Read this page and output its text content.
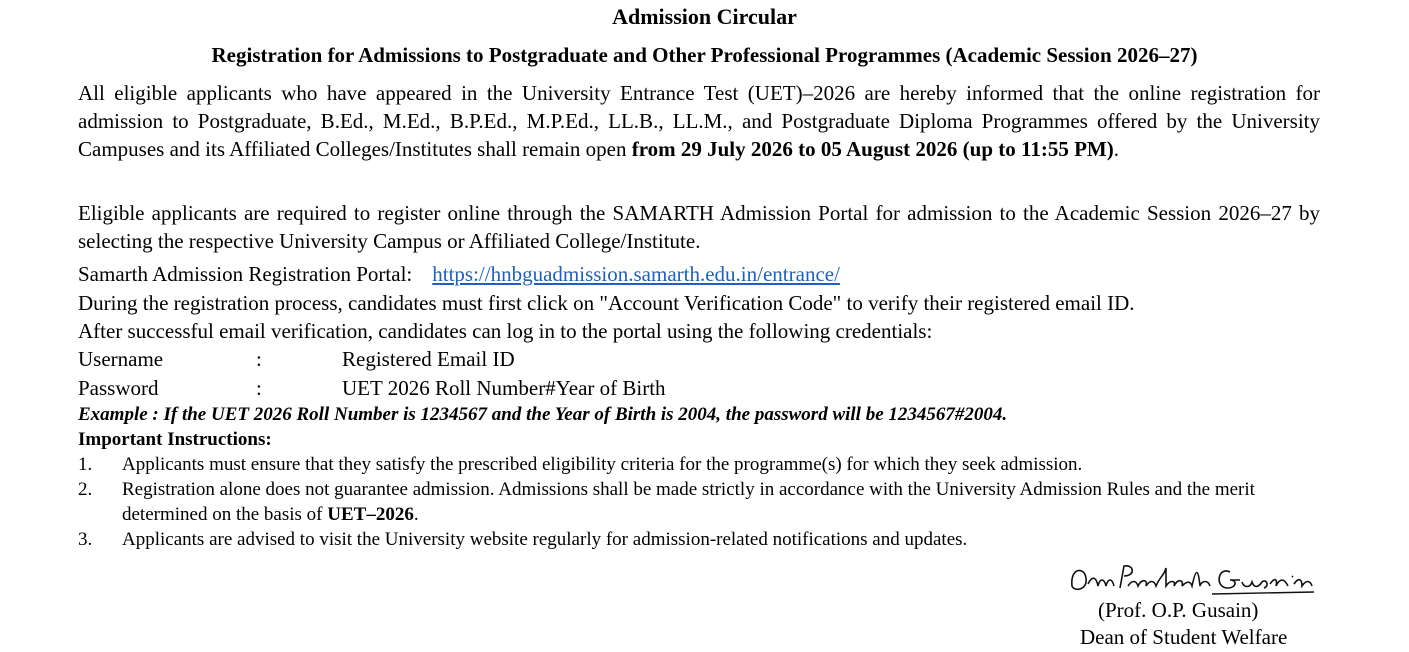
Admission Circular
Registration for Admissions to Postgraduate and Other Professional Programmes (Academic Session 2026–27)
All eligible applicants who have appeared in the University Entrance Test (UET)–2026 are hereby informed that the online registration for admission to Postgraduate, B.Ed., M.Ed., B.P.Ed., M.P.Ed., LL.B., LL.M., and Postgraduate Diploma Programmes offered by the University Campuses and its Affiliated Colleges/Institutes shall remain open from 29 July 2026 to 05 August 2026 (up to 11:55 PM).
Eligible applicants are required to register online through the SAMARTH Admission Portal for admission to the Academic Session 2026–27 by selecting the respective University Campus or Affiliated College/Institute.
Samarth Admission Registration Portal: https://hnbguadmission.samarth.edu.in/entrance/
During the registration process, candidates must first click on "Account Verification Code" to verify their registered email ID.
After successful email verification, candidates can log in to the portal using the following credentials:
Username	:	Registered Email ID
Password	:	UET 2026 Roll Number#Year of Birth
Example : If the UET 2026 Roll Number is 1234567 and the Year of Birth is 2004, the password will be 1234567#2004.
Important Instructions:
1.	Applicants must ensure that they satisfy the prescribed eligibility criteria for the programme(s) for which they seek admission.
2.	Registration alone does not guarantee admission. Admissions shall be made strictly in accordance with the University Admission Rules and the merit determined on the basis of UET–2026.
3.	Applicants are advised to visit the University website regularly for admission-related notifications and updates.
(Prof. O.P. Gusain)
Dean of Student Welfare
